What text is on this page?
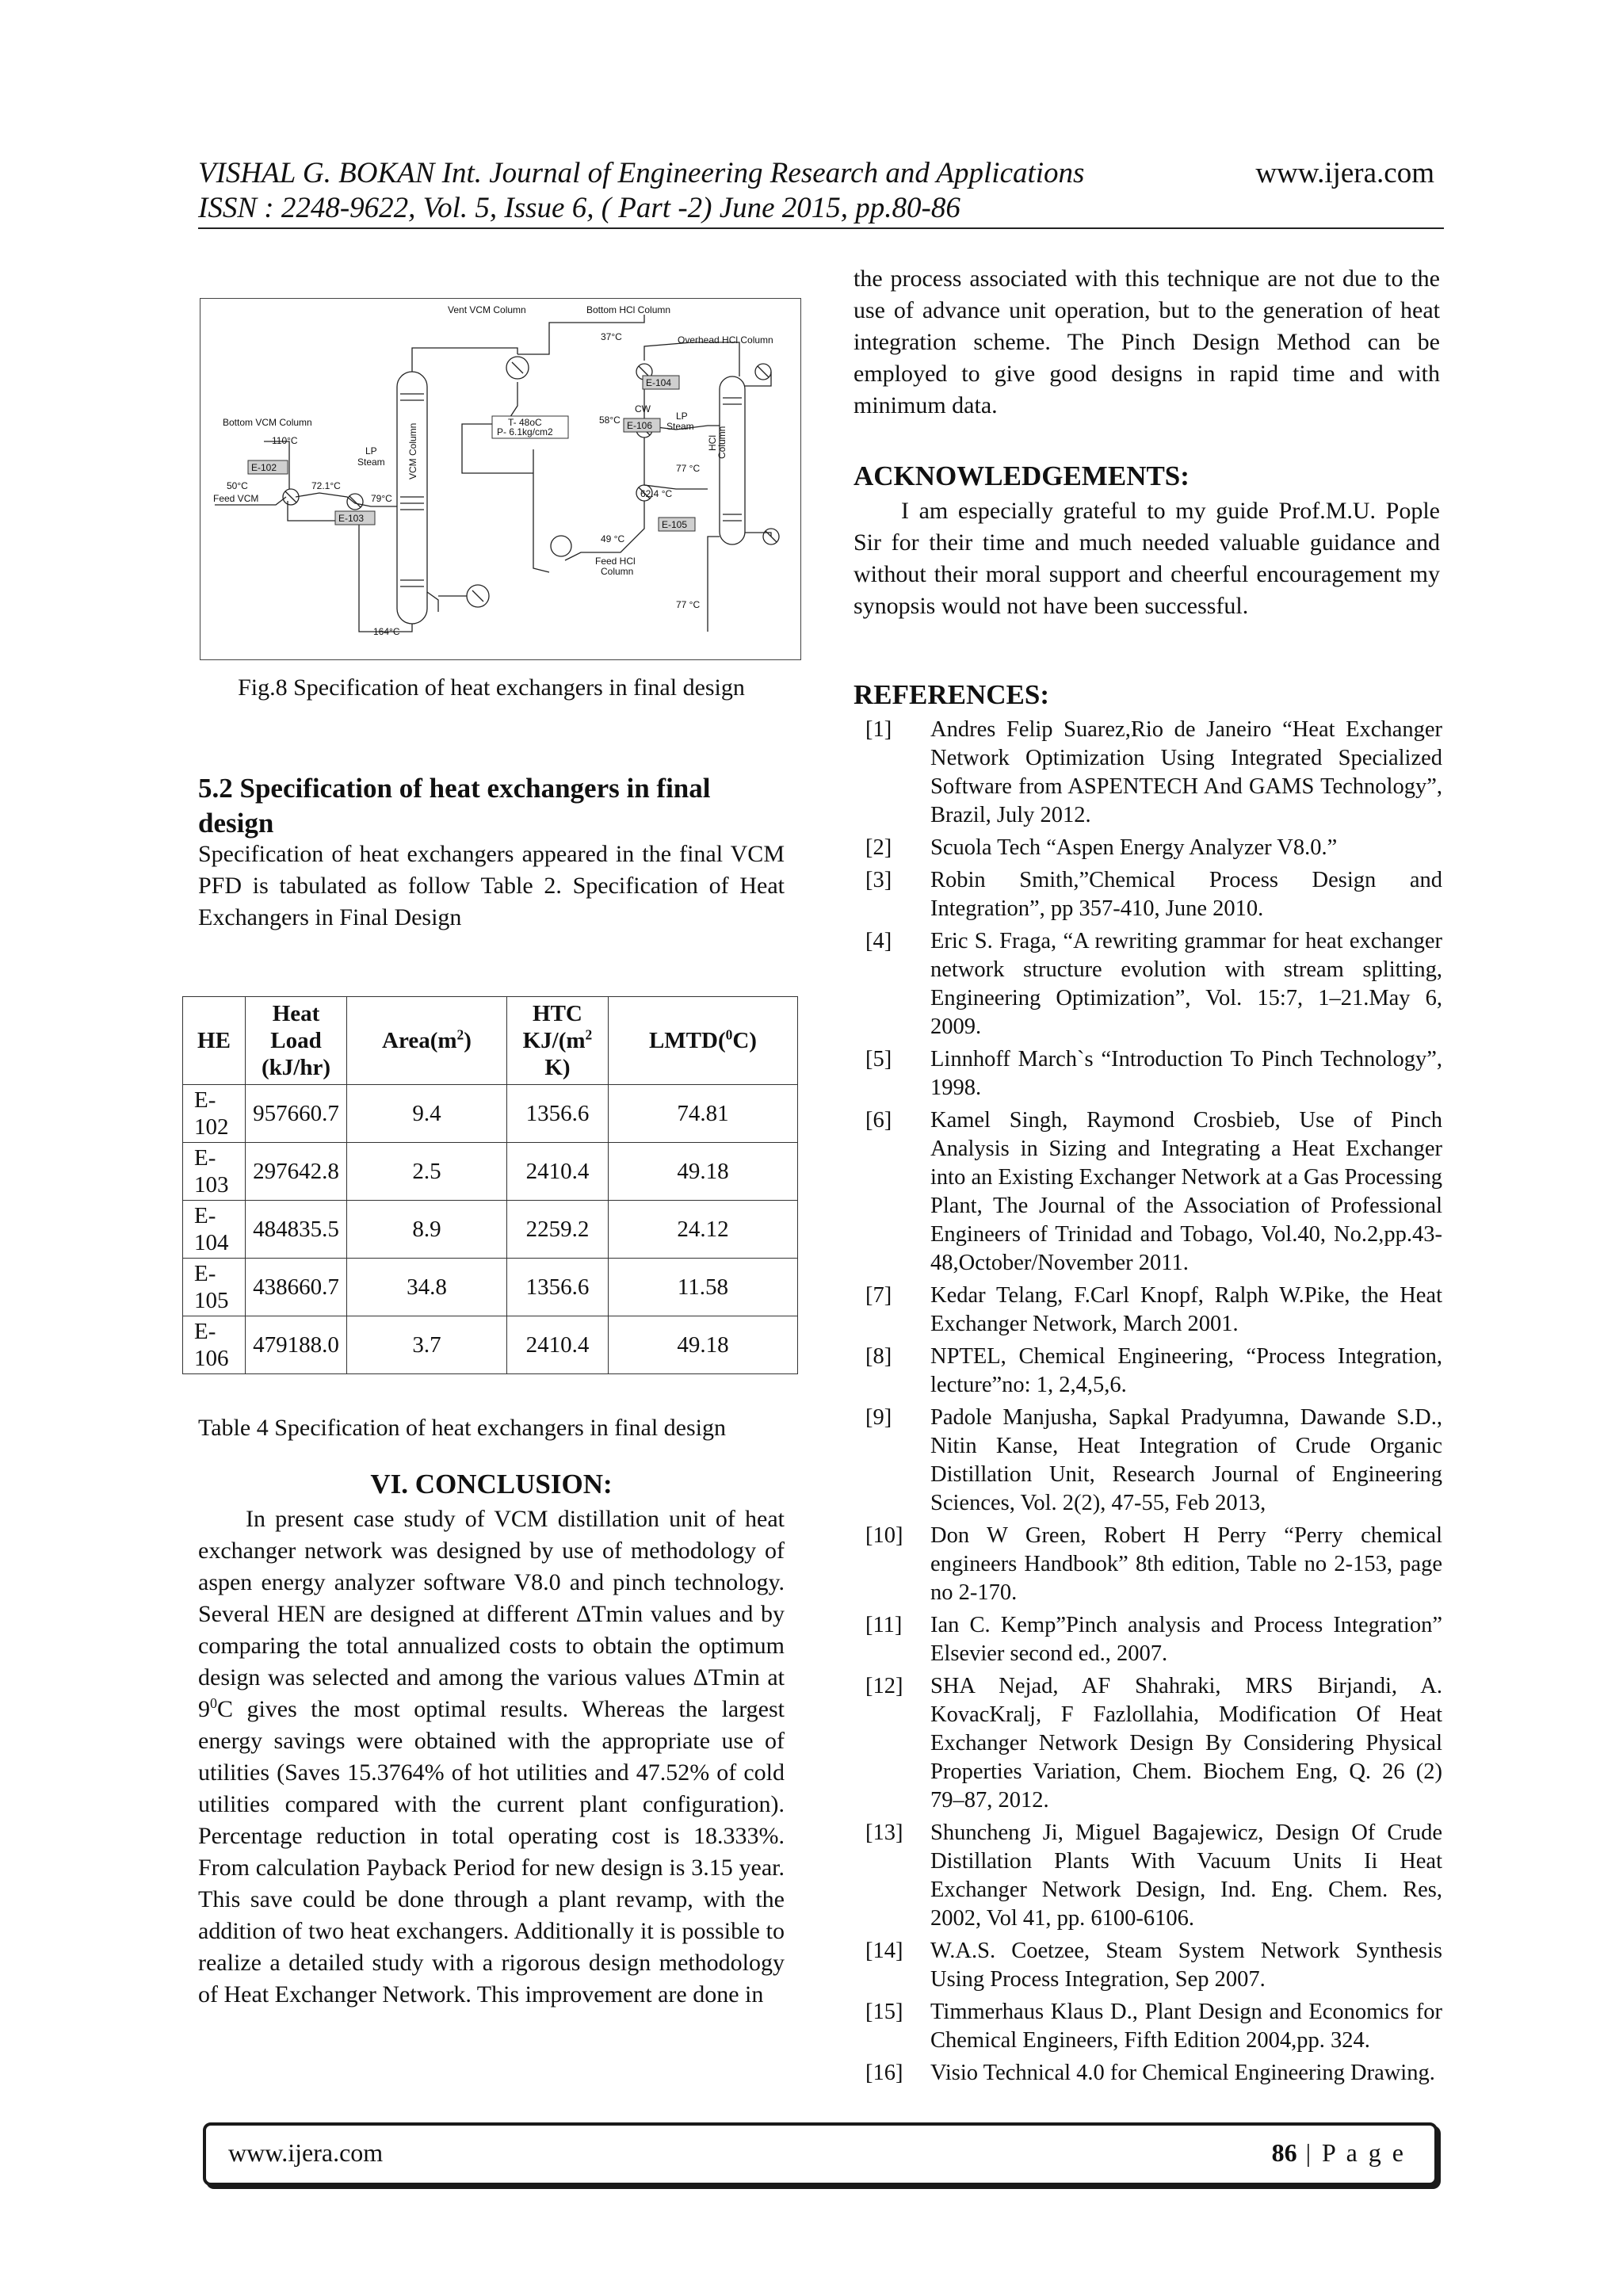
VISHAL G. BOKAN Int. Journal of Engineering Research and Applications
ISSN : 2248-9622, Vol. 5, Issue 6, ( Part -2) June 2015, pp.80-86
www.ijera.com
Vent VCM Column	Bottom HCl Column
Overhead HCl Column
Bottom VCM Column
110°C
E-102
LP
Steam
50°C	72.1°C
Feed VCM	79°C
E-103
VCM Column
T- 48oC
P- 6.1kg/cm2
37°C
E-104
CW
58°C E-106
LP
Steam
HCl
Column
77 °C
62.4 °C
49 °C
E-105
Feed HCl
Column
77 °C
164°C
Fig.8 Specification of heat exchangers in final design
5.2 Specification of heat exchangers in final design
Specification of heat exchangers appeared in the final VCM PFD is tabulated as follow Table 2. Specification of Heat Exchangers in Final Design
HE	Heat Load (kJ/hr)	$Area(m^2)$	HTC $KJ/(m^2$ K)	LMTD($^0$C)
E-102	957660.7	9.4	1356.6	74.81
E-103	297642.8	2.5	2410.4	49.18
E-104	484835.5	8.9	2259.2	24.12
E-105	438660.7	34.8	1356.6	11.58
E-106	479188.0	3.7	2410.4	49.18
Table 4 Specification of heat exchangers in final design
VI. CONCLUSION:
In present case study of VCM distillation unit of heat exchanger network was designed by use of methodology of aspen energy analyzer software V8.0 and pinch technology. Several HEN are designed at different ΔTmin values and by comparing the total annualized costs to obtain the optimum design was selected and among the various values ΔTmin at $9^0C$ gives the most optimal results. Whereas the largest energy savings were obtained with the appropriate use of utilities (Saves 15.3764% of hot utilities and 47.52% of cold utilities compared with the current plant configuration). Percentage reduction in total operating cost is 18.333%. From calculation Payback Period for new design is 3.15 year. This save could be done through a plant revamp, with the addition of two heat exchangers. Additionally it is possible to realize a detailed study with a rigorous design methodology of Heat Exchanger Network. This improvement are done in
the process associated with this technique are not due to the use of advance unit operation, but to the generation of heat integration scheme. The Pinch Design Method can be employed to give good designs in rapid time and with minimum data.
ACKNOWLEDGEMENTS:
I am especially grateful to my guide Prof.M.U. Pople Sir for their time and much needed valuable guidance and without their moral support and cheerful encouragement my synopsis would not have been successful.
REFERENCES:
[1] Andres Felip Suarez,Rio de Janeiro “Heat Exchanger Network Optimization Using Integrated Specialized Software from ASPENTECH And GAMS Technology”, Brazil, July 2012.
[2] Scuola Tech “Aspen Energy Analyzer V8.0.”
[3] Robin Smith,”Chemical Process Design and Integration”, pp 357-410, June 2010.
[4] Eric S. Fraga, “A rewriting grammar for heat exchanger network structure evolution with stream splitting, Engineering Optimization”, Vol. 15:7, 1–21.May 6, 2009.
[5] Linnhoff March`s “Introduction To Pinch Technology”, 1998.
[6] Kamel Singh, Raymond Crosbieb, Use of Pinch Analysis in Sizing and Integrating a Heat Exchanger into an Existing Exchanger Network at a Gas Processing Plant, The Journal of the Association of Professional Engineers of Trinidad and Tobago, Vol.40, No.2,pp.43-48,October/November 2011.
[7] Kedar Telang, F.Carl Knopf, Ralph W.Pike, the Heat Exchanger Network, March 2001.
[8] NPTEL, Chemical Engineering, “Process Integration, lecture”no: 1, 2,4,5,6.
[9] Padole Manjusha, Sapkal Pradyumna, Dawande S.D., Nitin Kanse, Heat Integration of Crude Organic Distillation Unit, Research Journal of Engineering Sciences, Vol. 2(2), 47-55, Feb 2013,
[10] Don W Green, Robert H Perry “Perry chemical engineers Handbook” 8th edition, Table no 2-153, page no 2-170.
[11] Ian C. Kemp”Pinch analysis and Process Integration” Elsevier second ed., 2007.
[12] SHA Nejad, AF Shahraki, MRS Birjandi, A. KovacKralj, F Fazlollahia, Modification Of Heat Exchanger Network Design By Considering Physical Properties Variation, Chem. Biochem Eng, Q. 26 (2) 79–87, 2012.
[13] Shuncheng Ji, Miguel Bagajewicz, Design Of Crude Distillation Plants With Vacuum Units Ii Heat Exchanger Network Design, Ind. Eng. Chem. Res, 2002, Vol 41, pp. 6100-6106.
[14] W.A.S. Coetzee, Steam System Network Synthesis Using Process Integration, Sep 2007.
[15] Timmerhaus Klaus D., Plant Design and Economics for Chemical Engineers, Fifth Edition 2004,pp. 324.
[16] Visio Technical 4.0 for Chemical Engineering Drawing.
www.ijera.com	86 | P a g e
